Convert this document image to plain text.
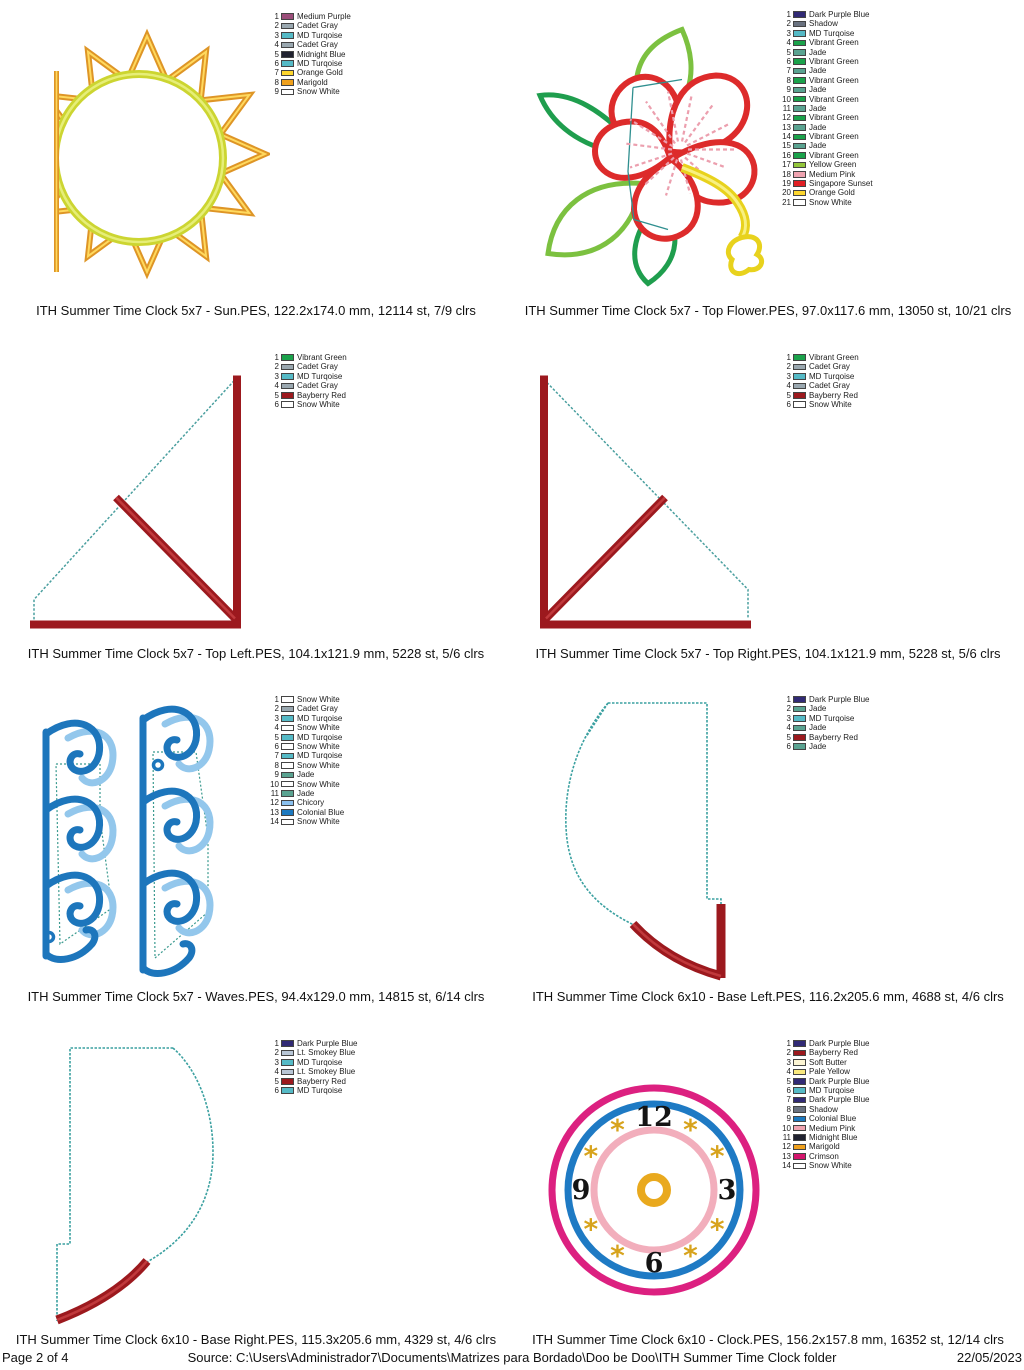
1 Medium Purple
2 Cadet Gray
3 MD Turqoise
4 Cadet Gray
5 Midnight Blue
6 MD Turqoise
7 Orange Gold
8 Marigold
9 Snow White
1 Dark Purple Blue
2 Shadow
3 MD Turqoise
4 Vibrant Green
5 Jade
6 Vibrant Green
7 Jade
8 Vibrant Green
9 Jade
10 Vibrant Green
11 Jade
12 Vibrant Green
13 Jade
14 Vibrant Green
15 Jade
16 Vibrant Green
17 Yellow Green
18 Medium Pink
19 Singapore Sunset
20 Orange Gold
21 Snow White
ITH Summer Time Clock 5x7 - Sun.PES, 122.2x174.0 mm, 12114 st, 7/9 clrs	ITH Summer Time Clock 5x7 - Top Flower.PES, 97.0x117.6 mm, 13050 st, 10/21 clrs
1 Vibrant Green
2 Cadet Gray
3 MD Turqoise
4 Cadet Gray
5 Bayberry Red
6 Snow White
1 Vibrant Green
2 Cadet Gray
3 MD Turqoise
4 Cadet Gray
5 Bayberry Red
6 Snow White
ITH Summer Time Clock 5x7 - Top Left.PES, 104.1x121.9 mm, 5228 st, 5/6 clrs	ITH Summer Time Clock 5x7 - Top Right.PES, 104.1x121.9 mm, 5228 st, 5/6 clrs
1 Snow White
2 Cadet Gray
3 MD Turqoise
4 Snow White
5 MD Turqoise
6 Snow White
7 MD Turqoise
8 Snow White
9 Jade
10 Snow White
11 Jade
12 Chicory
13 Colonial Blue
14 Snow White
1 Dark Purple Blue
2 Jade
3 MD Turqoise
4 Jade
5 Bayberry Red
6 Jade
ITH Summer Time Clock 5x7 - Waves.PES, 94.4x129.0 mm, 14815 st, 6/14 clrs	ITH Summer Time Clock 6x10 - Base Left.PES, 116.2x205.6 mm, 4688 st, 4/6 clrs
1 Dark Purple Blue
2 Lt. Smokey Blue
3 MD Turqoise
4 Lt. Smokey Blue
5 Bayberry Red
6 MD Turqoise
12
3
6
9
*
*
*
*
*
*
*
*
1 Dark Purple Blue
2 Bayberry Red
3 Soft Butter
4 Pale Yellow
5 Dark Purple Blue
6 MD Turqoise
7 Dark Purple Blue
8 Shadow
9 Colonial Blue
10 Medium Pink
11 Midnight Blue
12 Marigold
13 Crimson
14 Snow White
ITH Summer Time Clock 6x10 - Base Right.PES, 115.3x205.6 mm, 4329 st, 4/6 clrs	ITH Summer Time Clock 6x10 - Clock.PES, 156.2x157.8 mm, 16352 st, 12/14 clrs
Source: C:\Users\Administrador7\Documents\Matrizes para Bordado\Doo be Doo\ITH Summer Time Clock folder
Page 2 of 4	22/05/2023
